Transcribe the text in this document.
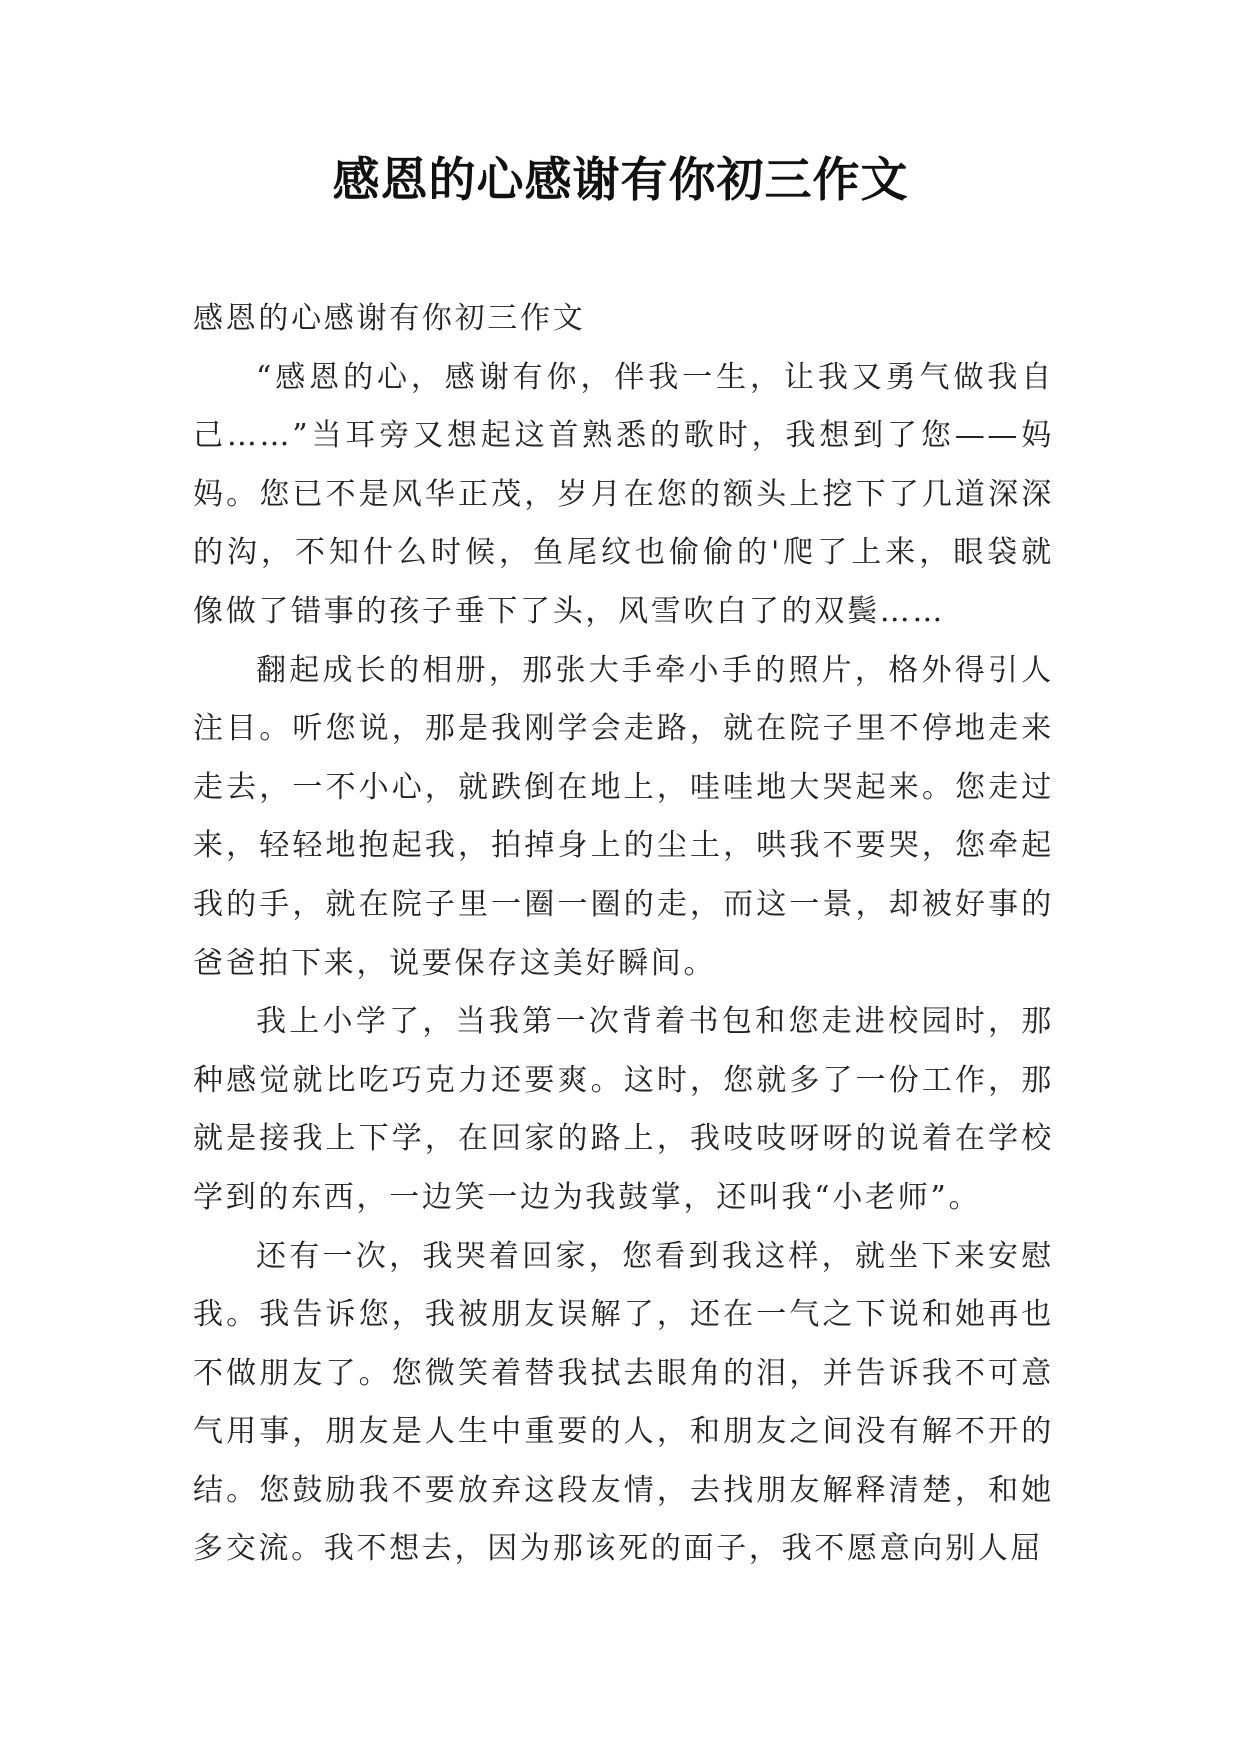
感恩的心感谢有你初三作文

感恩的心感谢有你初三作文

“感恩的心，感谢有你，伴我一生，让我又勇气做我自己……”当耳旁又想起这首熟悉的歌时，我想到了您——妈妈。您已不是风华正茂，岁月在您的额头上挖下了几道深深的沟，不知什么时候，鱼尾纹也偷偷的'爬了上来，眼袋就像做了错事的孩子垂下了头，风雪吹白了的双鬓……

翻起成长的相册，那张大手牵小手的照片，格外得引人注目。听您说，那是我刚学会走路，就在院子里不停地走来走去，一不小心，就跌倒在地上，哇哇地大哭起来。您走过来，轻轻地抱起我，拍掉身上的尘土，哄我不要哭，您牵起我的手，就在院子里一圈一圈的走，而这一景，却被好事的爸爸拍下来，说要保存这美好瞬间。

我上小学了，当我第一次背着书包和您走进校园时，那种感觉就比吃巧克力还要爽。这时，您就多了一份工作，那就是接我上下学，在回家的路上，我吱吱呀呀的说着在学校学到的东西，一边笑一边为我鼓掌，还叫我“小老师”。

还有一次，我哭着回家，您看到我这样，就坐下来安慰我。我告诉您，我被朋友误解了，还在一气之下说和她再也不做朋友了。您微笑着替我拭去眼角的泪，并告诉我不可意气用事，朋友是人生中重要的人，和朋友之间没有解不开的结。您鼓励我不要放弃这段友情，去找朋友解释清楚，和她多交流。我不想去，因为那该死的面子，我不愿意向别人屈
